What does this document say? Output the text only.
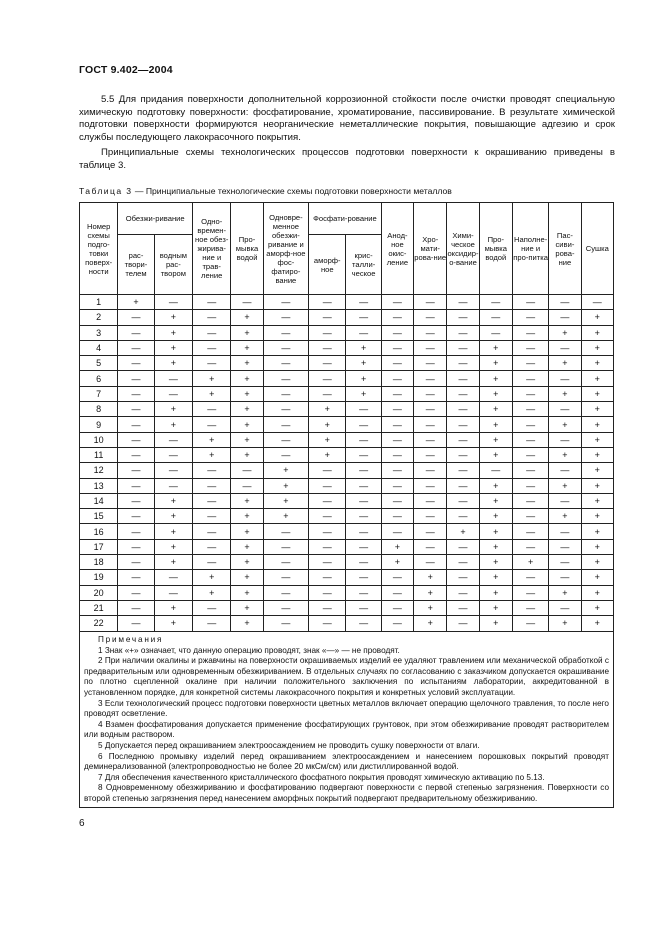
ГОСТ 9.402—2004
5.5 Для придания поверхности дополнительной коррозионной стойкости после очистки проводят специальную химическую подготовку поверхности: фосфатирование, хроматирование, пассивирование. В результате химической подготовки поверхности формируются неорганические неметаллические покрытия, повышающие адгезию и срок службы последующего лакокрасочного покрытия.
Принципиальные схемы технологических процессов подготовки поверхности к окрашиванию приведены в таблице 3.
Таблица 3 — Принципиальные технологические схемы подготовки поверхности металлов
Номер схемы подго-товки поверх-ности	Обезжи-ривание		Одно-времен-ное обез-жирива-ние и трав-ление	Про-мывка водой	Одновре-менное обезжи-ривание и аморф-ное фос-фатиро-вание	Фосфати-рование		Анод-ное окис-ление	Хро-мати-рова-ние	Хими-ческое оксидир-о-вание	Про-мывка водой	Наполне-ние и про-питка	Пас-сиви-рова-ние	Сушка
	рас-твори-телем	водным рас-твором				аморф-ное	крис-талли-ческое							
1	+	—	—	—	—	—	—	—	—	—	—	—	—	—
2	—	+	—	+	—	—	—	—	—	—	—	—	—	+
3	—	+	—	+	—	—	—	—	—	—	—	—	+	+
4	—	+	—	+	—	—	+	—	—	—	+	—	—	+
5	—	+	—	+	—	—	+	—	—	—	+	—	+	+
6	—	—	+	+	—	—	+	—	—	—	+	—	—	+
7	—	—	+	+	—	—	+	—	—	—	+	—	+	+
8	—	+	—	+	—	+	—	—	—	—	+	—	—	+
9	—	+	—	+	—	+	—	—	—	—	+	—	+	+
10	—	—	+	+	—	+	—	—	—	—	+	—	—	+
11	—	—	+	+	—	+	—	—	—	—	+	—	+	+
12	—	—	—	—	+	—	—	—	—	—	—	—	—	+
13	—	—	—	—	+	—	—	—	—	—	+	—	+	+
14	—	+	—	+	+	—	—	—	—	—	+	—	—	+
15	—	+	—	+	+	—	—	—	—	—	+	—	+	+
16	—	+	—	+	—	—	—	—	—	+	+	—	—	+
17	—	+	—	+	—	—	—	+	—	—	+	—	—	+
18	—	+	—	+	—	—	—	+	—	—	+	+	—	+
19	—	—	+	+	—	—	—	—	+	—	+	—	—	+
20	—	—	+	+	—	—	—	—	+	—	+	—	+	+
21	—	+	—	+	—	—	—	—	+	—	+	—	—	+
22	—	+	—	+	—	—	—	—	+	—	+	—	+	+
Примечания

1 Знак «+» означает, что данную операцию проводят, знак «—» — не проводят.

2 При наличии окалины и ржавчины на поверхности окрашиваемых изделий ее удаляют травлением или механической обработкой с предварительным или одновременным обезжириванием. В отдельных случаях по согласованию с заказчиком допускается окрашивание по плотно сцепленной окалине при наличии положительного заключения по испытаниям лаборатории, аккредитованной в установленном порядке, для конкретной системы лакокрасочного покрытия и конкретных условий эксплуатации.

3 Если технологический процесс подготовки поверхности цветных металлов включает операцию щелочного травления, то после него проводят осветление.

4 Взамен фосфатирования допускается применение фосфатирующих грунтовок, при этом обезжиривание проводят растворителем или водным раствором.

5 Допускается перед окрашиванием электроосаждением не проводить сушку поверхности от влаги.

6 Последнюю промывку изделий перед окрашиванием электроосаждением и нанесением порошковых покрытий проводят деминерализованной (электропроводностью не более 20 мкСм/см) или дистиллированной водой.

7 Для обеспечения качественного кристаллического фосфатного покрытия проводят химическую активацию по 5.13.

8 Одновременному обезжириванию и фосфатированию подвергают поверхности с первой степенью загрязнения. Поверхности со второй степенью загрязнения перед нанесением аморфных покрытий подвергают предварительному обезжириванию.

6
